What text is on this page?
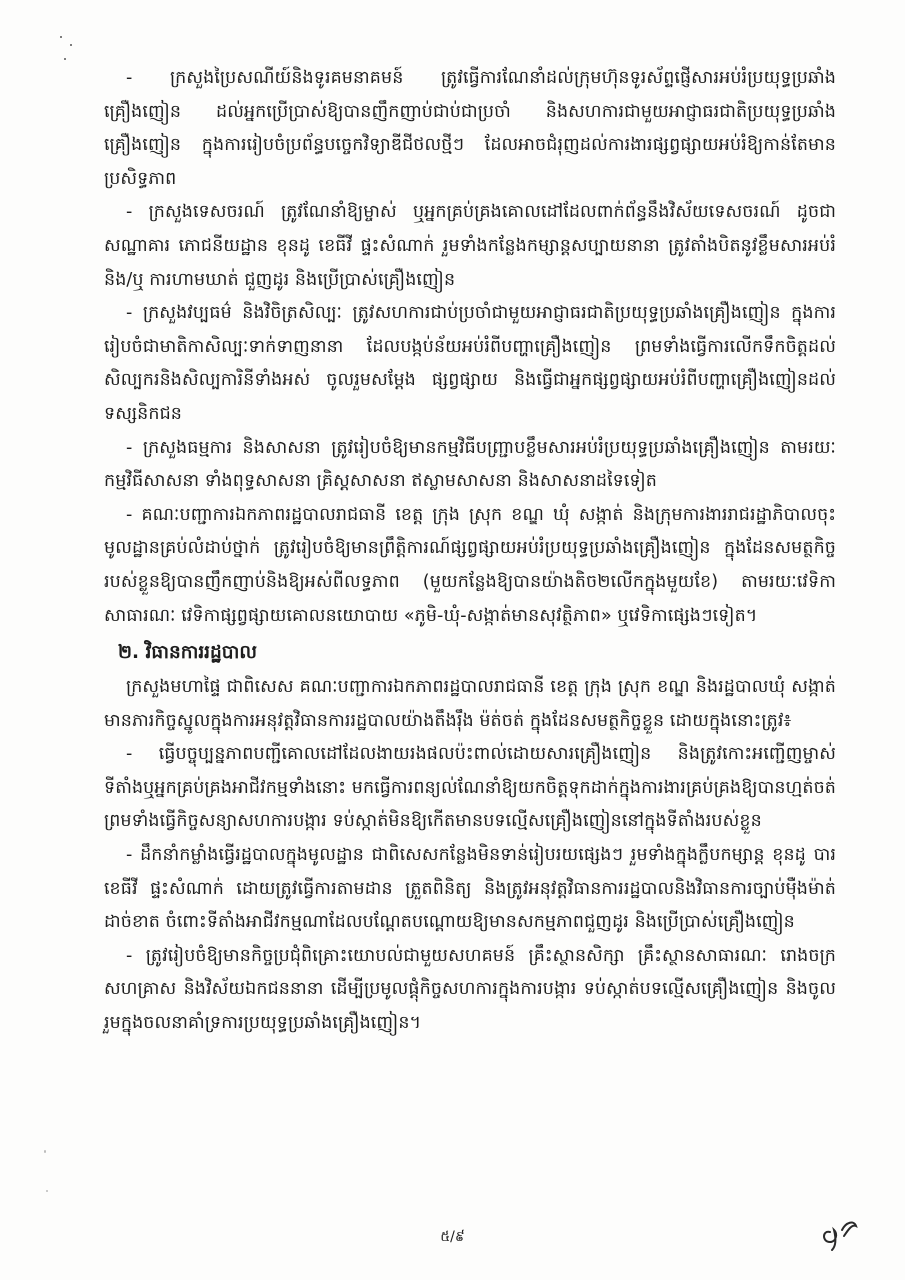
- ក្រសួងប្រៃសណីយ៍និងទូរគមនាគមន៍ ត្រូវធ្វើការណែនាំដល់ក្រុមហ៊ុនទូរស័ព្ទផ្ញើសារអប់រំប្រយុទ្ធប្រឆាំងគ្រឿងញៀន ដល់អ្នកប្រើប្រាស់ឱ្យបានញឹកញាប់ជាប់ជាប្រចាំ និងសហការជាមួយអាជ្ញាធរជាតិប្រយុទ្ធប្រឆាំងគ្រឿងញៀន ក្នុងការរៀបចំប្រព័ន្ធបច្ចេកវិទ្យាឌីជីថលថ្មីៗ ដែលអាចជំរុញដល់ការងារផ្សព្វផ្សាយអប់រំឱ្យកាន់តែមានប្រសិទ្ធភាព

- ក្រសួងទេសចរណ៍ ត្រូវណែនាំឱ្យម្ចាស់ ឬអ្នកគ្រប់គ្រងគោលដៅដែលពាក់ព័ន្ធនឹងវិស័យទេសចរណ៍ ដូចជា សណ្ឋាគារ ភោជនីយដ្ឋាន ខុនដូ ខេធីវី ផ្ទះសំណាក់ រួមទាំងកន្លែងកម្សាន្តសប្បាយនានា ត្រូវតាំងបិតនូវខ្លឹមសារអប់រំ និង/ឬ ការហាមឃាត់ ជួញដូរ និងប្រើប្រាស់គ្រឿងញៀន

- ក្រសួងវប្បធម៌ និងវិចិត្រសិល្បៈ ត្រូវសហការជាប់ប្រចាំជាមួយអាជ្ញាធរជាតិប្រយុទ្ធប្រឆាំងគ្រឿងញៀន ក្នុងការរៀបចំជាមាតិកាសិល្បៈទាក់ទាញនានា ដែលបង្កប់ន័យអប់រំពីបញ្ហាគ្រឿងញៀន ព្រមទាំងធ្វើការលើកទឹកចិត្តដល់សិល្បករនិងសិល្បការិនីទាំងអស់ ចូលរួមសម្ដែង ផ្សព្វផ្សាយ និងធ្វើជាអ្នកផ្សព្វផ្សាយអប់រំពីបញ្ហាគ្រឿងញៀនដល់ទស្សនិកជន

- ក្រសួងធម្មការ និងសាសនា ត្រូវរៀបចំឱ្យមានកម្មវិធីបញ្ជ្រាបខ្លឹមសារអប់រំប្រយុទ្ធប្រឆាំងគ្រឿងញៀន តាមរយៈកម្មវិធីសាសនា ទាំងពុទ្ធសាសនា គ្រិស្តសាសនា ឥស្លាមសាសនា និងសាសនាដទៃទៀត

- គណៈបញ្ជាការឯកភាពរដ្ឋបាលរាជធានី ខេត្ត ក្រុង ស្រុក ខណ្ឌ ឃុំ សង្កាត់ និងក្រុមការងាររាជរដ្ឋាភិបាលចុះមូលដ្ឋានគ្រប់លំដាប់ថ្នាក់ ត្រូវរៀបចំឱ្យមានព្រឹត្តិការណ៍ផ្សព្វផ្សាយអប់រំប្រយុទ្ធប្រឆាំងគ្រឿងញៀន ក្នុងដែនសមត្ថកិច្ចរបស់ខ្លួនឱ្យបានញឹកញាប់និងឱ្យអស់ពីលទ្ធភាព (មួយកន្លែងឱ្យបានយ៉ាងតិច២លើកក្នុងមួយខែ) តាមរយៈវេទិកាសាធារណៈ វេទិកាផ្សព្វផ្សាយគោលនយោបាយ «ភូមិ-ឃុំ-សង្កាត់មានសុវត្ថិភាព» ឬវេទិកាផ្សេងៗទៀត។

២. វិធានការរដ្ឋបាល

ក្រសួងមហាផ្ទៃ ជាពិសេស គណៈបញ្ជាការឯកភាពរដ្ឋបាលរាជធានី ខេត្ត ក្រុង ស្រុក ខណ្ឌ និងរដ្ឋបាលឃុំ សង្កាត់ មានភារកិច្ចស្នូលក្នុងការអនុវត្តវិធានការរដ្ឋបាលយ៉ាងតឹងរ៉ឹង ម៉ត់ចត់ ក្នុងដែនសមត្ថកិច្ចខ្លួន ដោយក្នុងនោះត្រូវ៖

- ធ្វើបច្ចុប្បន្នភាពបញ្ជីគោលដៅដែលងាយរងផលប៉ះពាល់ដោយសារគ្រឿងញៀន និងត្រូវកោះអញ្ជើញម្ចាស់ទីតាំងឬអ្នកគ្រប់គ្រងអាជីវកម្មទាំងនោះ មកធ្វើការពន្យល់ណែនាំឱ្យយកចិត្តទុកដាក់ក្នុងការងារគ្រប់គ្រងឱ្យបានហ្មត់ចត់ ព្រមទាំងធ្វើកិច្ចសន្យាសហការបង្ការ ទប់ស្កាត់មិនឱ្យកើតមានបទល្មើសគ្រឿងញៀននៅក្នុងទីតាំងរបស់ខ្លួន

- ដឹកនាំកម្លាំងធ្វើរដ្ឋបាលក្នុងមូលដ្ឋាន ជាពិសេសកន្លែងមិនទាន់រៀបរយផ្សេងៗ រួមទាំងក្នុងក្លឹបកម្សាន្ត ខុនដូ បារ ខេធីវី ផ្ទះសំណាក់ ដោយត្រូវធ្វើការតាមដាន ត្រួតពិនិត្យ និងត្រូវអនុវត្តវិធានការរដ្ឋបាលនិងវិធានការច្បាប់ម៉ឺងម៉ាត់ ដាច់ខាត ចំពោះទីតាំងអាជីវកម្មណាដែលបណ្តែតបណ្តោយឱ្យមានសកម្មភាពជួញដូរ និងប្រើប្រាស់គ្រឿងញៀន

- ត្រូវរៀបចំឱ្យមានកិច្ចប្រជុំពិគ្រោះយោបល់ជាមួយសហគមន៍ គ្រឹះស្ថានសិក្សា គ្រឹះស្ថានសាធារណៈ រោងចក្រ សហគ្រាស និងវិស័យឯកជននានា ដើម្បីប្រមូលផ្តុំកិច្ចសហការក្នុងការបង្ការ ទប់ស្កាត់បទល្មើសគ្រឿងញៀន និងចូលរួមក្នុងចលនាគាំទ្រការប្រយុទ្ធប្រឆាំងគ្រឿងញៀន។

៥/៩
